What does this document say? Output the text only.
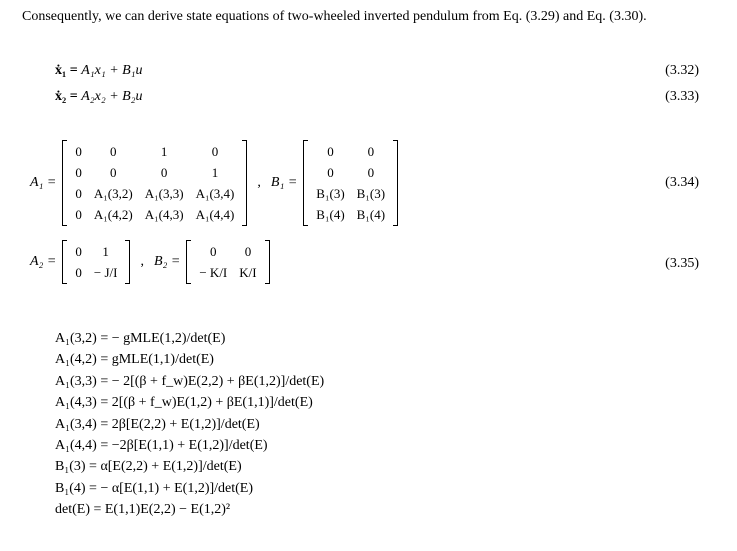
Consequently, we can derive state equations of two-wheeled inverted pendulum from Eq. (3.29) and Eq. (3.30).
ẋ₁ = A₁x₁ + B₁u	(3.32)
ẋ₂ = A₂x₂ + B₂u	(3.33)
A₁ =
0	0	1	0
0	0	0	1
0	A₁(3,2)	A₁(3,3)	A₁(3,4)
0	A₁(4,2)	A₁(4,3)	A₁(4,4)
, B₁ =
0	0
0	0
B₁(3)	B₁(3)
B₁(4)	B₁(4)
(3.34)
A₂ =
0	1
0	− J/I
, B₂ =
0	0
− K/I	K/I
(3.35)
A₁(3,2) = − gMLE(1,2)/det(E)
A₁(4,2) = gMLE(1,1)/det(E)
A₁(3,3) = − 2[(β + f_w)E(2,2) + βE(1,2)]/det(E)
A₁(4,3) = 2[(β + f_w)E(1,2) + βE(1,1)]/det(E)
A₁(3,4) = 2β[E(2,2) + E(1,2)]/det(E)
A₁(4,4) = −2β[E(1,1) + E(1,2)]/det(E)
B₁(3) = α[E(2,2) + E(1,2)]/det(E)
B₁(4) = − α[E(1,1) + E(1,2)]/det(E)
det(E) = E(1,1)E(2,2) − E(1,2)²
